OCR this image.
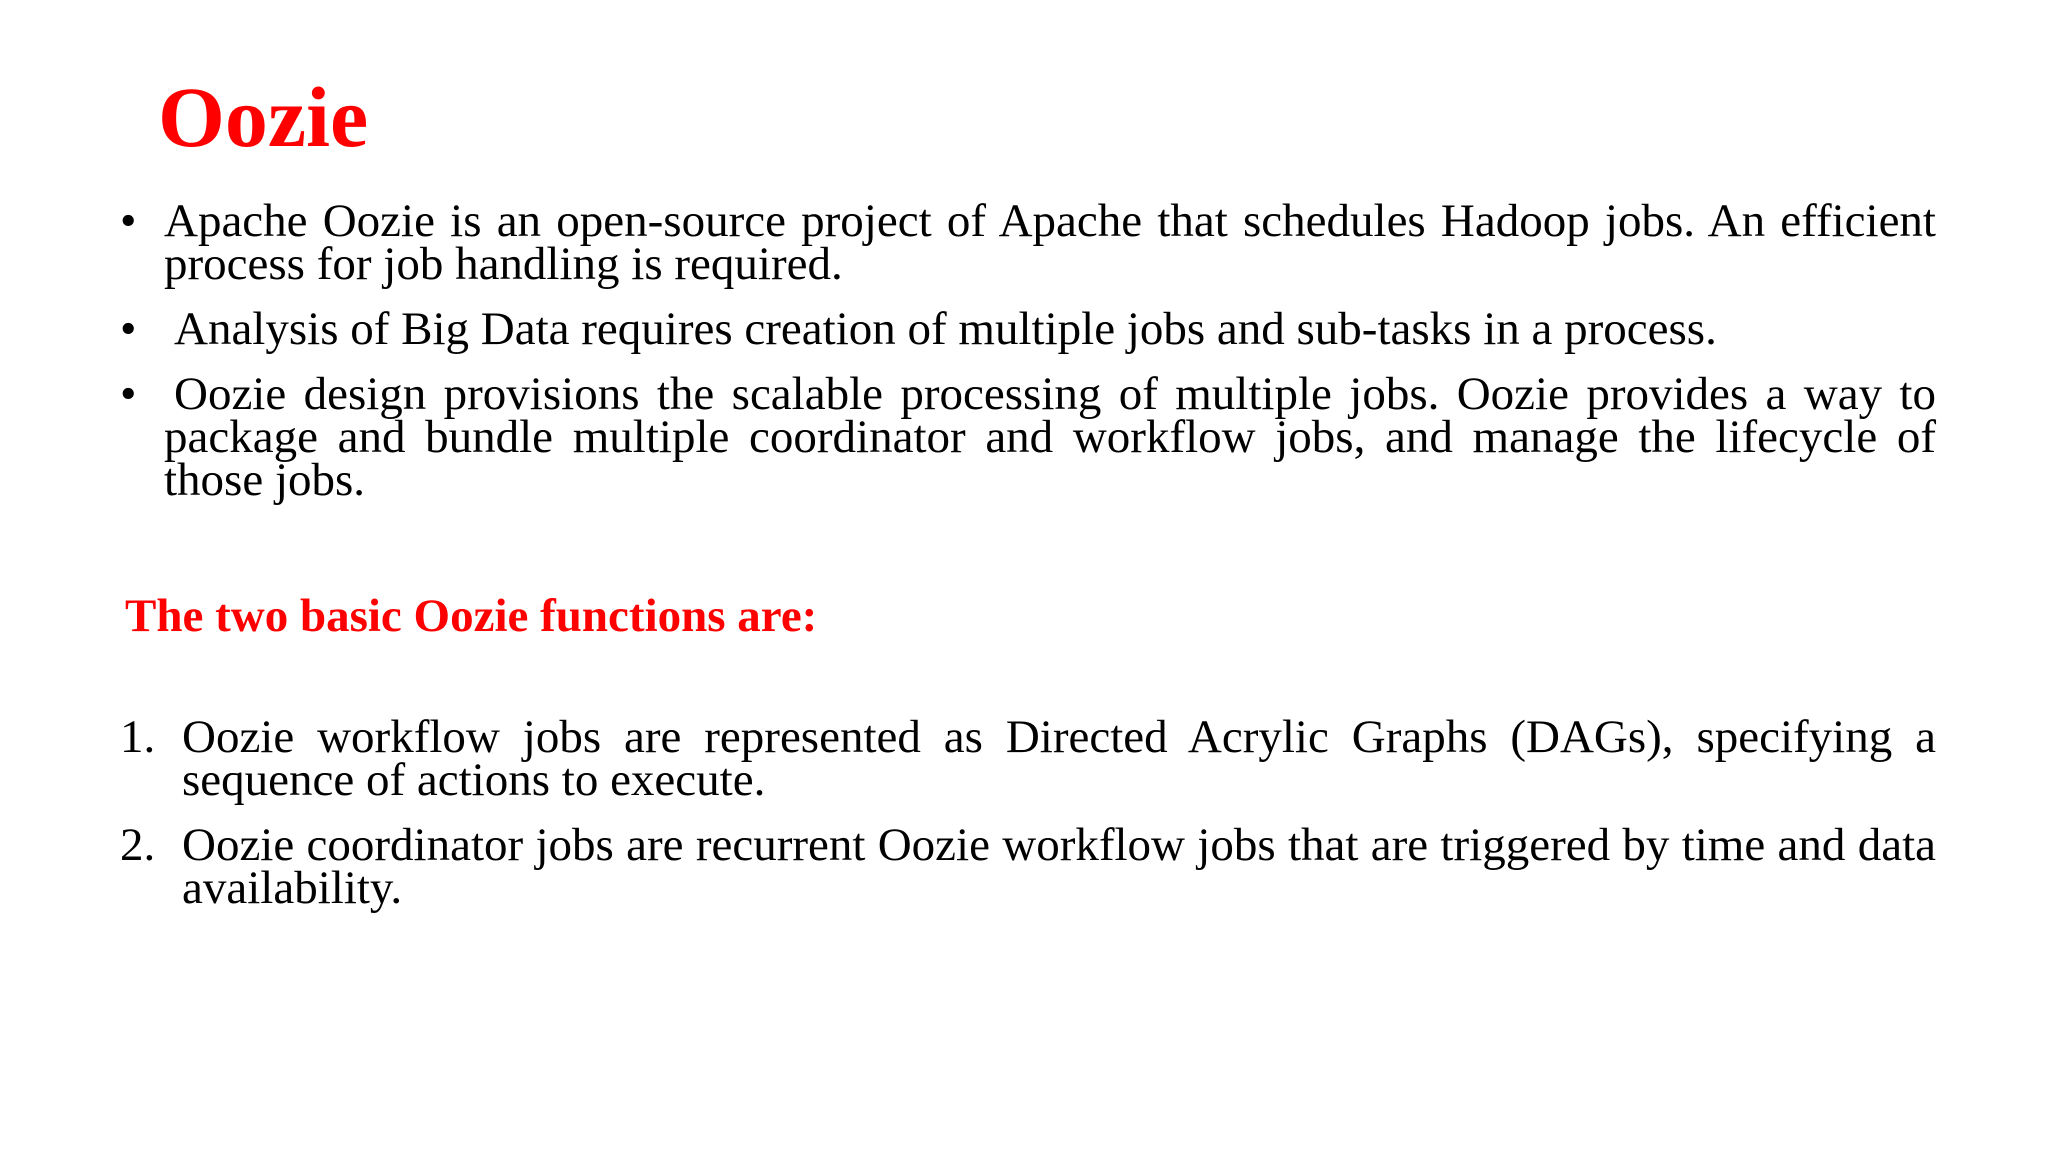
Oozie
• Apache Oozie is an open-source project of Apache that schedules Hadoop jobs. An efficient process for job handling is required.
• Analysis of Big Data requires creation of multiple jobs and sub-tasks in a process.
• Oozie design provisions the scalable processing of multiple jobs. Oozie provides a way to package and bundle multiple coordinator and workflow jobs, and manage the lifecycle of those jobs.
The two basic Oozie functions are:
1. Oozie workflow jobs are represented as Directed Acrylic Graphs (DAGs), specifying a sequence of actions to execute.
2. Oozie coordinator jobs are recurrent Oozie workflow jobs that are triggered by time and data availability.
